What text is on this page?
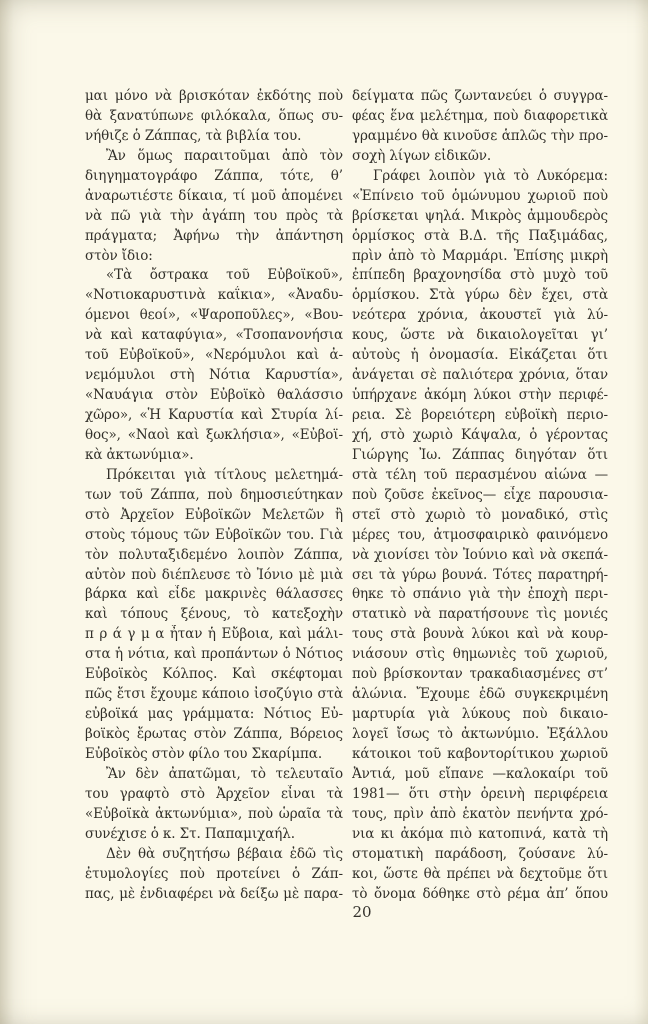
μαι μόνο νὰ βρισκόταν ἐκδότης ποὺ
θὰ ξανατύπωνε φιλόκαλα, ὅπως συ-
νήθιζε ὁ Ζάππας, τὰ βιβλία του.
Ἂν ὅμως παραιτοῦμαι ἀπὸ τὸν
διηγηματογράφο Ζάππα, τότε, θ’
ἀναρωτιέστε δίκαια, τί μοῦ ἀπομένει
νὰ πῶ γιὰ τὴν ἀγάπη του πρὸς τὰ
πράγματα; Ἀφήνω τὴν ἀπάντηση
στὸν ἴδιο:
«Τὰ ὄστρακα τοῦ Εὐβοϊκοῦ»,
«Νοτιοκαρυστινὰ καΐκια», «Ἀναδυ-
όμενοι θεοί», «Ψαροποῦλες», «Βου-
νὰ καὶ καταφύγια», «Τσοπανονήσια
τοῦ Εὐβοϊκοῦ», «Νερόμυλοι καὶ ἀ-
νεμόμυλοι στὴ Νότια Καρυστία»,
«Ναυάγια στὸν Εὐβοϊκὸ θαλάσσιο
χῶρο», «Ἡ Καρυστία καὶ Στυρία λί-
θος», «Ναοὶ καὶ ξωκλήσια», «Εὐβοϊ-
κὰ ἀκτωνύμια».
Πρόκειται γιὰ τίτλους μελετημά-
των τοῦ Ζάππα, ποὺ δημοσιεύτηκαν
στὸ Ἀρχεῖον Εὐβοϊκῶν Μελετῶν ἢ
στοὺς τόμους τῶν Εὐβοϊκῶν του. Γιὰ
τὸν πολυταξιδεμένο λοιπὸν Ζάππα,
αὐτὸν ποὺ διέπλευσε τὸ Ἰόνιο μὲ μιὰ
βάρκα καὶ εἶδε μακρινὲς θάλασσες
καὶ τόπους ξένους, τὸ κατεξοχὴν
π ρ ά γ μ α ἦταν ἡ Εὔβοια, καὶ μάλι-
στα ἡ νότια, καὶ προπάντων ὁ Νότιος
Εὐβοϊκὸς Κόλπος. Καὶ σκέφτομαι
πῶς ἔτσι ἔχουμε κάποιο ἰσοζύγιο στὰ
εὐβοϊκά μας γράμματα: Νότιος Εὐ-
βοϊκὸς ἔρωτας στὸν Ζάππα, Βόρειος
Εὐβοϊκὸς στὸν φίλο του Σκαρίμπα.
Ἂν δὲν ἀπατῶμαι, τὸ τελευταῖο
του γραφτὸ στὸ Ἀρχεῖον εἶναι τὰ
«Εὐβοϊκὰ ἀκτωνύμια», ποὺ ὡραῖα τὰ
συνέχισε ὁ κ. Στ. Παπαμιχαήλ.
Δὲν θὰ συζητήσω βέβαια ἐδῶ τὶς
ἐτυμολογίες ποὺ προτείνει ὁ Ζάπ-
πας, μὲ ἐνδιαφέρει νὰ δείξω μὲ παρα-
δείγματα πῶς ζωντανεύει ὁ συγγρα-
φέας ἕνα μελέτημα, ποὺ διαφορετικὰ
γραμμένο θὰ κινοῦσε ἁπλῶς τὴν προ-
σοχὴ λίγων εἰδικῶν.
Γράφει λοιπὸν γιὰ τὸ Λυκόρεμα:
«Ἐπίνειο τοῦ ὁμώνυμου χωριοῦ ποὺ
βρίσκεται ψηλά. Μικρὸς ἀμμουδερὸς
ὁρμίσκος στὰ Β.Δ. τῆς Παξιμάδας,
πρὶν ἀπὸ τὸ Μαρμάρι. Ἐπίσης μικρὴ
ἐπίπεδη βραχονησίδα στὸ μυχὸ τοῦ
ὁρμίσκου. Στὰ γύρω δὲν ἔχει, στὰ
νεότερα χρόνια, ἀκουστεῖ γιὰ λύ-
κους, ὥστε νὰ δικαιολογεῖται γι’
αὐτοὺς ἡ ὀνομασία. Εἰκάζεται ὅτι
ἀνάγεται σὲ παλιότερα χρόνια, ὅταν
ὑπήρχανε ἀκόμη λύκοι στὴν περιφέ-
ρεια. Σὲ βορειότερη εὐβοϊκὴ περιο-
χή, στὸ χωριὸ Κάψαλα, ὁ γέροντας
Γιώργης Ἰω. Ζάππας διηγόταν ὅτι
στὰ τέλη τοῦ περασμένου αἰώνα —
ποὺ ζοῦσε ἐκεῖνος— εἶχε παρουσια-
στεῖ στὸ χωριὸ τὸ μοναδικό, στὶς
μέρες του, ἀτμοσφαιρικὸ φαινόμενο
νὰ χιονίσει τὸν Ἰούνιο καὶ νὰ σκεπά-
σει τὰ γύρω βουνά. Τότες παρατηρή-
θηκε τὸ σπάνιο γιὰ τὴν ἐποχὴ περι-
στατικὸ νὰ παρατήσουνε τὶς μονιές
τους στὰ βουνὰ λύκοι καὶ νὰ κουρ-
νιάσουν στὶς θημωνιὲς τοῦ χωριοῦ,
ποὺ βρίσκονταν τρακαδιασμένες στ’
ἁλώνια. Ἔχουμε ἐδῶ συγκεκριμένη
μαρτυρία γιὰ λύκους ποὺ δικαιο-
λογεῖ ἴσως τὸ ἀκτωνύμιο. Ἐξάλλου
κάτοικοι τοῦ καβοντορίτικου χωριοῦ
Ἀντιά, μοῦ εἴπανε —καλοκαίρι τοῦ
1981— ὅτι στὴν ὀρεινὴ περιφέρεια
τους, πρὶν ἀπὸ ἑκατὸν πενήντα χρό-
νια κι ἀκόμα πιὸ κατοπινά, κατὰ τὴ
στοματικὴ παράδοση, ζούσανε λύ-
κοι, ὥστε θὰ πρέπει νὰ δεχτοῦμε ὅτι
τὸ ὄνομα δόθηκε στὸ ρέμα ἀπ’ ὅπου
20
